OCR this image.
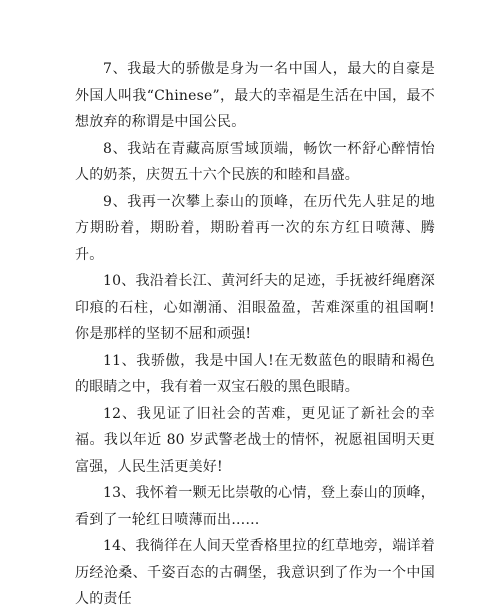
7、我最大的骄傲是身为一名中国人，最大的自豪是外国人叫我“Chinese”，最大的幸福是生活在中国，最不想放弃的称谓是中国公民。

8、我站在青藏高原雪域顶端，畅饮一杯舒心醉情怡人的奶茶，庆贺五十六个民族的和睦和昌盛。

9、我再一次攀上泰山的顶峰，在历代先人驻足的地方期盼着，期盼着，期盼着再一次的东方红日喷薄、腾升。

10、我沿着长江、黄河纤夫的足迹，手抚被纤绳磨深印痕的石柱，心如潮涌、泪眼盈盈，苦难深重的祖国啊!你是那样的坚韧不屈和顽强!

11、我骄傲，我是中国人!在无数蓝色的眼睛和褐色的眼睛之中，我有着一双宝石般的黑色眼睛。

12、我见证了旧社会的苦难，更见证了新社会的幸福。我以年近 80 岁武警老战士的情怀，祝愿祖国明天更富强，人民生活更美好!

13、我怀着一颗无比崇敬的心情，登上泰山的顶峰，看到了一轮红日喷薄而出……

14、我徜徉在人间天堂香格里拉的红草地旁，端详着历经沧桑、千姿百态的古碉堡，我意识到了作为一个中国人的责任
